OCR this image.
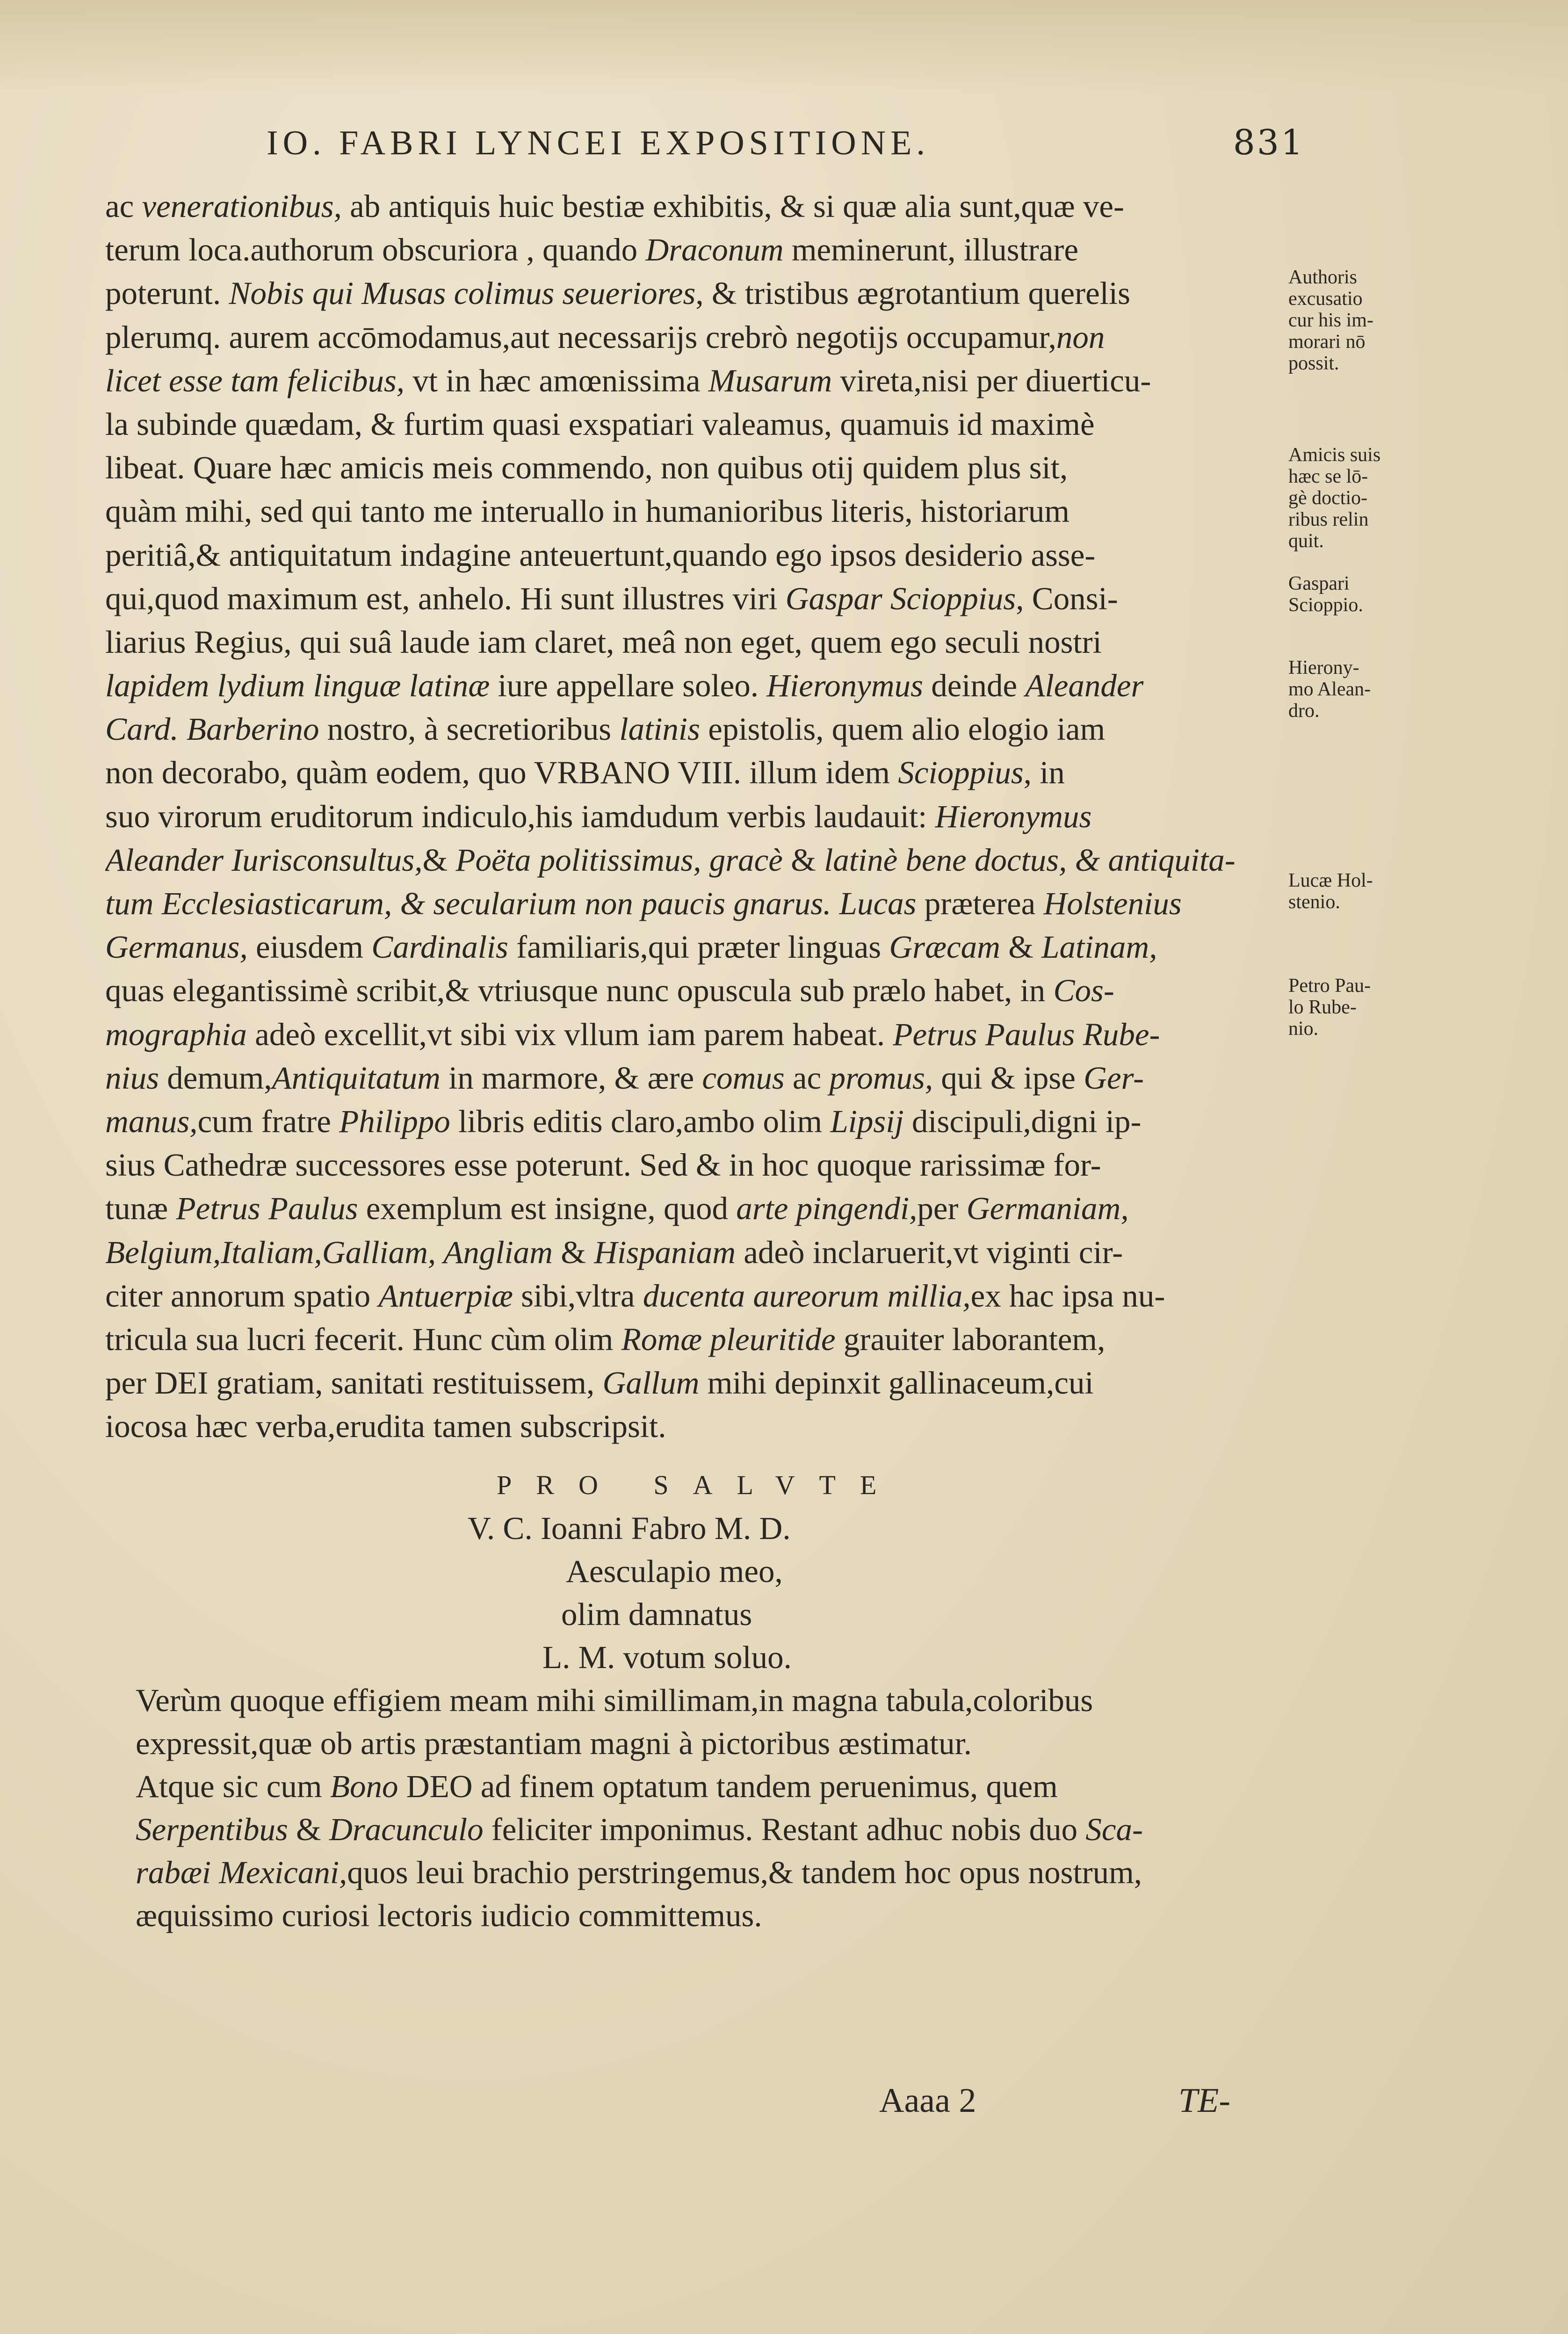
IO. FABRI LYNCEI EXPOSITIONE.	831
ac venerationibus, ab antiquis huic bestiæ exhibitis, & si quæ alia sunt,quæ ve-
terum loca.authorum obscuriora , quando Draconum meminerunt, illustrare
poterunt. Nobis qui Musas colimus seueriores, & tristibus ægrotantium querelis
plerumq. aurem accōmodamus,aut necessarijs crebrò negotijs occupamur,non
licet esse tam felicibus, vt in hæc amœnissima Musarum vireta,nisi per diuerticu-
la subinde quædam, & furtim quasi exspatiari valeamus, quamuis id maximè
libeat. Quare hæc amicis meis commendo, non quibus otij quidem plus sit,
quàm mihi, sed qui tanto me interuallo in humanioribus literis, historiarum
peritiâ,& antiquitatum indagine anteuertunt,quando ego ipsos desiderio asse-
qui,quod maximum est, anhelo. Hi sunt illustres viri Gaspar Scioppius, Consi-
liarius Regius, qui suâ laude iam claret, meâ non eget, quem ego seculi nostri
lapidem lydium linguæ latinæ iure appellare soleo. Hieronymus deinde Aleander
Card. Barberino nostro, à secretioribus latinis epistolis, quem alio elogio iam
non decorabo, quàm eodem, quo VRBANO VIII. illum idem Scioppius, in
suo virorum eruditorum indiculo,his iamdudum verbis laudauit: Hieronymus
Aleander Iurisconsultus,& Poëta politissimus, gracè & latinè bene doctus, & antiquita-
tum Ecclesiasticarum, & secularium non paucis gnarus. Lucas præterea Holstenius
Germanus, eiusdem Cardinalis familiaris,qui præter linguas Græcam & Latinam,
quas elegantissimè scribit,& vtriusque nunc opuscula sub prælo habet, in Cos-
mographia adeò excellit,vt sibi vix vllum iam parem habeat. Petrus Paulus Rube-
nius demum,Antiquitatum in marmore, & ære comus ac promus, qui & ipse Ger-
manus,cum fratre Philippo libris editis claro,ambo olim Lipsij discipuli,digni ip-
sius Cathedræ successores esse poterunt. Sed & in hoc quoque rarissimæ for-
tunæ Petrus Paulus exemplum est insigne, quod arte pingendi,per Germaniam,
Belgium,Italiam,Galliam, Angliam & Hispaniam adeò inclaruerit,vt viginti cir-
citer annorum spatio Antuerpiæ sibi,vltra ducenta aureorum millia,ex hac ipsa nu-
tricula sua lucri fecerit. Hunc cùm olim Romæ pleuritide grauiter laborantem,
per DEI gratiam, sanitati restituissem, Gallum mihi depinxit gallinaceum,cui
iocosa hæc verba,erudita tamen subscripsit.
Authoris
excusatio
cur his im-
morari nō
possit.
Amicis suis
hæc se lō-
gè doctio-
ribus relin
quit.
Gaspari
Scioppio.
Hierony-
mo Alean-
dro.
Lucæ Hol-
stenio.
Petro Pau-
lo Rube-
nio.
PRO SALVTE
V. C. Ioanni Fabro M. D.
Aesculapio meo,
olim damnatus
L. M. votum soluo.
Verùm quoque effigiem meam mihi simillimam,in magna tabula,coloribus
expressit,quæ ob artis præstantiam magni à pictoribus æstimatur.
Atque sic cum Bono DEO ad finem optatum tandem peruenimus, quem
Serpentibus & Dracunculo feliciter imponimus. Restant adhuc nobis duo Sca-
rabæi Mexicani,quos leui brachio perstringemus,& tandem hoc opus nostrum,
æquissimo curiosi lectoris iudicio committemus.
Aaaa 2	TE-
